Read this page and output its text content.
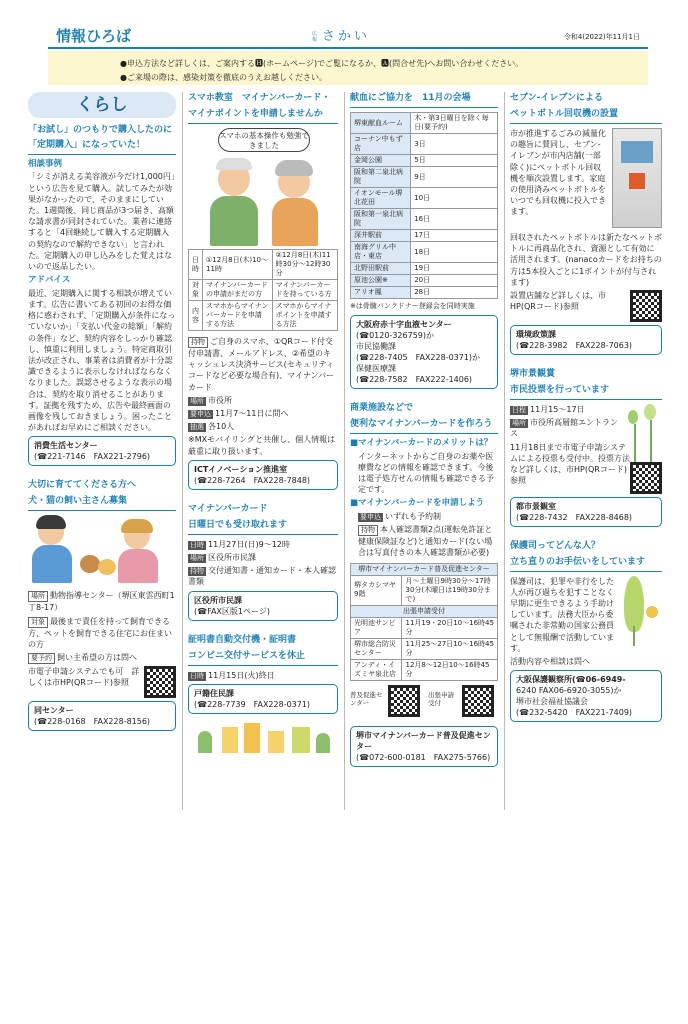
情報ひろば	広報 さかい	令和4(2022)年11月1日
●申込方法など詳しくは、ご案内する🅷(ホームページ)でご覧になるか、🅰(問合せ先)へお問い合わせください。
●ご来場の際は、感染対策を徹底のうえお越しください。
くらし
「お試し」のつもりで購入したのに
「定期購入」になっていた！
相談事例
「シミが消える美容液が今だけ1,000円」という広告を見て購入。試してみたが効果がなかったので、そのままにしていた。1週間後、同じ商品が3つ届き、高額な請求書が同封されていた。業者に連絡すると「4回継続して購入する定期購入の契約なので解約できない」と言われた。定期購入の申し込みをした覚えはないので返品したい。
アドバイス
最近、定期購入に関する相談が増えています。広告に書いてある初回のお得な価格に惑わされず、「定期購入が条件になっていないか」「支払い代金の総額」「解約の条件」など、契約内容をしっかり確認し、慎重に利用しましょう。特定商取引法が改正され、事業者は消費者が十分認識できるように表示しなければならなくなりました。誤認させるような表示の場合は、契約を取り消せることがあります。証拠を残すため、広告や最終画面の画像を残しておきましょう。困ったことがあればお早めにご相談ください。
消費生活センター
(☎221-7146　FAX221-2796)
大切に育ててくださる方へ
犬・猫の飼い主さん募集
場所 動物指導センター（堺区東雲西町1丁8-17）
対象 最後まで責任を持って飼育できる方、ペットを飼育できる住宅にお住まいの方
要予約 飼い主希望の方は問へ
市電子申請システムでも可　詳しくは市HP(QRコード)参照
同センター
(☎228-0168　FAX228-8156)
スマホ教室　マイナンバーカード・
マイナポイントを申請しませんか
スマホの基本操作も勉強できました
日時	①12月8日(木)10～11時	②12月8日(木)11時30分～12時30分
対象	マイナンバーカードの申請がまだの方	マイナンバーカードを持っている方
内容	スマホからマイナンバーカードを申請する方法	スマホからマイナポイントを申請する方法
持物 ご自身のスマホ、①QRコード付交付申請書、メールアドレス、②希望のキャッシュレス決済サービス(セキュリティコードなど必要な場合有)、マイナンバーカード
場所 市役所
要申込 11月7～11日に問へ
抽選 各10人
※MXモバイリングと共催し、個人情報は厳重に取り扱います。
ICTイノベーション推進室
(☎228-7264　FAX228-7848)
マイナンバーカード
日曜日でも受け取れます
日時 11月27日(日)9～12時
場所 区役所市民課
持物 交付通知書・通知カード・本人確認書類
区役所市民課
(☎FAX区版1ページ)
証明書自動交付機・証明書
コンビニ交付サービスを休止
日時 11月15日(火)終日
戸籍住民課
(☎228-7739　FAX228-0371)
献血にご協力を　11月の会場
堺東献血ルーム	木・第3日曜日を除く毎日(要予約)
コーナン中もず店	3日
金岡公園	5日
阪和第二泉北病院	9日
イオンモール堺北花田	10日
阪和第一泉北病院	16日
深井駅前	17日
南海グリル中店・東店	18日
北野田駅前	19日
原池公園※	20日
アリオ鳳	28日
※は骨髄バンクドナー登録会を同時実施
大阪府赤十字血液センター
(☎0120-326759)か
市民協働課
(☎228-7405　FAX228-0371)か
保健医療課
(☎228-7582　FAX222-1406)
商業施設などで
便利なマイナンバーカードを作ろう
■マイナンバーカードのメリットは？
インターネットからご自身のお薬や医療費などの情報を確認できます。今後は電子処方せんの情報も確認できる予定です。
■マイナンバーカードを申請しよう
要申込 いずれも予約制
持物 本人確認書類2点(運転免許証と健康保険証など)と通知カード(ない場合は写真付きの本人確認書類が必要)
堺市マイナンバーカード普及促進センター	
堺タカシマヤ9階	月～土曜日9時30分～17時30分(木曜日は19時30分まで)
出張申請受付	
光明池サンピア	11月19・20日10～16時45分
堺市総合防災センター	11月25～27日10～16時45分
アンディ・イズミヤ泉北店	12月8～12日10～16時45分
普及促進センター
出張申請受付
堺市マイナンバーカード普及促進センター
(☎072-600-0181　FAX275-5766)
セブン-イレブンによる
ペットボトル回収機の設置
市が推進するごみの減量化の趣旨に賛同し、セブン-イレブンが市内店舗(一部除く)にペットボトル回収機を順次設置します。家庭の使用済みペットボトルをいつでも回収機に投入できます。
回収されたペットボトルは新たなペットボトルに再商品化され、資源として有効に活用されます。(nanacoカードをお持ちの方は5本投入ごとに1ポイントが付与されます)
設置店舗など詳しくは、市HP(QRコード)参照
環境政策課
(☎228-3982　FAX228-7063)
堺市景観賞
市民投票を行っています
日程 11月15～17日
場所 市役所高層館エントランス
11月18日まで市電子申請システムによる投票も受付中。投票方法など詳しくは、市HP(QRコード)参照
都市景観室
(☎228-7432　FAX228-8468)
保護司ってどんな人？
立ち直りのお手伝いをしています
保護司は、犯罪や非行をした人が再び過ちを犯すことなく早期に更生できるよう手助けしています。法務大臣から委嘱された非常勤の国家公務員として無報酬で活動しています。
活動内容や相談は問へ
大阪保護観察所(☎06-6949-
6240 FAX06-6920-3055)か
堺市社会福祉協議会
(☎232-5420　FAX221-7409)
